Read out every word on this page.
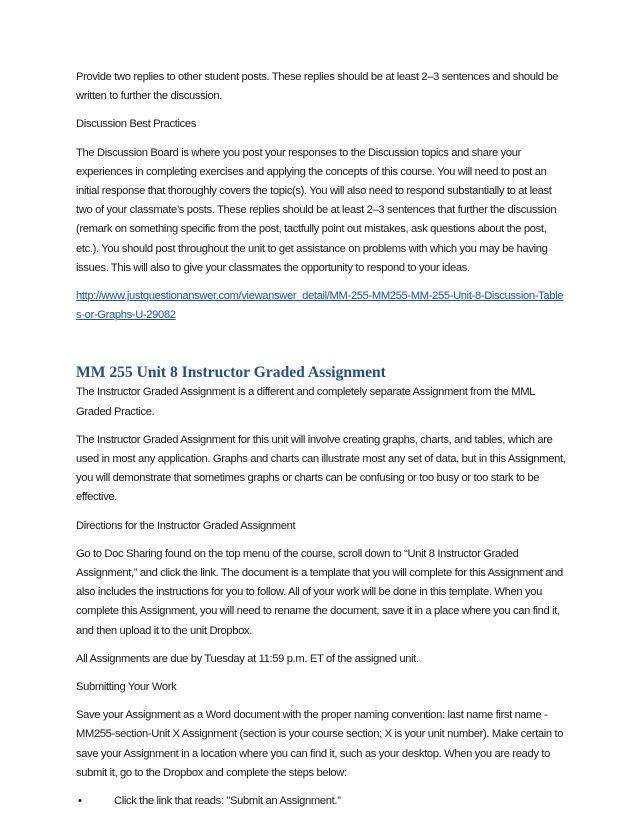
Provide two replies to other student posts. These replies should be at least 2–3 sentences and should be written to further the discussion.

Discussion Best Practices

The Discussion Board is where you post your responses to the Discussion topics and share your experiences in completing exercises and applying the concepts of this course. You will need to post an initial response that thoroughly covers the topic(s). You will also need to respond substantially to at least two of your classmate’s posts. These replies should be at least 2–3 sentences that further the discussion (remark on something specific from the post, tactfully point out mistakes, ask questions about the post, etc.). You should post throughout the unit to get assistance on problems with which you may be having issues. This will also to give your classmates the opportunity to respond to your ideas.

http://www.justquestionanswer.com/viewanswer_detail/MM-255-MM255-MM-255-Unit-8-Discussion-Tables-or-Graphs-U-29082

MM 255 Unit 8 Instructor Graded Assignment

The Instructor Graded Assignment is a different and completely separate Assignment from the MML Graded Practice.

The Instructor Graded Assignment for this unit will involve creating graphs, charts, and tables, which are used in most any application. Graphs and charts can illustrate most any set of data, but in this Assignment, you will demonstrate that sometimes graphs or charts can be confusing or too busy or too stark to be effective.

Directions for the Instructor Graded Assignment

Go to Doc Sharing found on the top menu of the course, scroll down to “Unit 8 Instructor Graded Assignment,” and click the link. The document is a template that you will complete for this Assignment and also includes the instructions for you to follow. All of your work will be done in this template. When you complete this Assignment, you will need to rename the document, save it in a place where you can find it, and then upload it to the unit Dropbox.

All Assignments are due by Tuesday at 11:59 p.m. ET of the assigned unit.

Submitting Your Work

Save your Assignment as a Word document with the proper naming convention: last name first name - MM255-section-Unit X Assignment (section is your course section; X is your unit number). Make certain to save your Assignment in a location where you can find it, such as your desktop. When you are ready to submit it, go to the Dropbox and complete the steps below:

•	Click the link that reads: "Submit an Assignment.”
